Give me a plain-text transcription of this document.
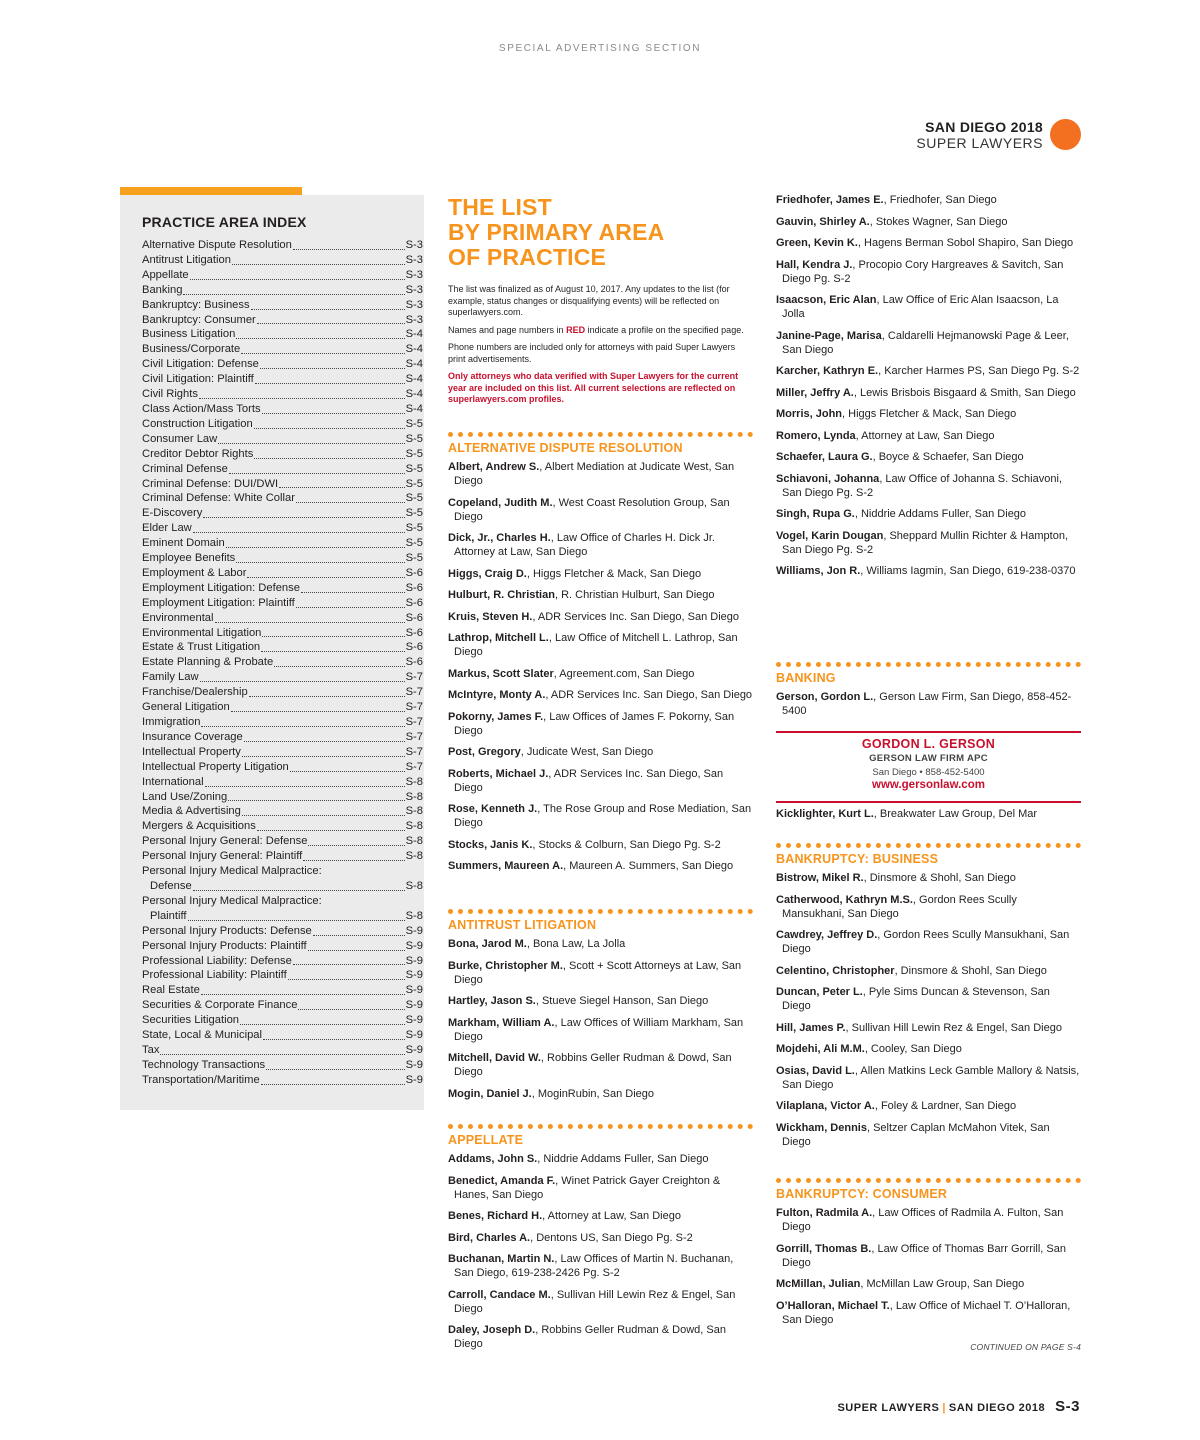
SPECIAL ADVERTISING SECTION
SAN DIEGO 2018
SUPER LAWYERS
PRACTICE AREA INDEX
Alternative Dispute Resolution	S-3
Antitrust Litigation	S-3
Appellate	S-3
Banking	S-3
Bankruptcy: Business	S-3
Bankruptcy: Consumer	S-3
Business Litigation	S-4
Business/Corporate	S-4
Civil Litigation: Defense	S-4
Civil Litigation: Plaintiff	S-4
Civil Rights	S-4
Class Action/Mass Torts	S-4
Construction Litigation	S-5
Consumer Law	S-5
Creditor Debtor Rights	S-5
Criminal Defense	S-5
Criminal Defense: DUI/DWI	S-5
Criminal Defense: White Collar	S-5
E-Discovery	S-5
Elder Law	S-5
Eminent Domain	S-5
Employee Benefits	S-5
Employment & Labor	S-6
Employment Litigation: Defense	S-6
Employment Litigation: Plaintiff	S-6
Environmental	S-6
Environmental Litigation	S-6
Estate & Trust Litigation	S-6
Estate Planning & Probate	S-6
Family Law	S-7
Franchise/Dealership	S-7
General Litigation	S-7
Immigration	S-7
Insurance Coverage	S-7
Intellectual Property	S-7
Intellectual Property Litigation	S-7
International	S-8
Land Use/Zoning	S-8
Media & Advertising	S-8
Mergers & Acquisitions	S-8
Personal Injury General: Defense	S-8
Personal Injury General: Plaintiff	S-8
Personal Injury Medical Malpractice:
Defense	S-8
Personal Injury Medical Malpractice:
Plaintiff	S-8
Personal Injury Products: Defense	S-9
Personal Injury Products: Plaintiff	S-9
Professional Liability: Defense	S-9
Professional Liability: Plaintiff	S-9
Real Estate	S-9
Securities & Corporate Finance	S-9
Securities Litigation	S-9
State, Local & Municipal	S-9
Tax	S-9
Technology Transactions	S-9
Transportation/Maritime	S-9
THE LIST
BY PRIMARY AREA
OF PRACTICE

The list was finalized as of August 10, 2017. Any updates to the list (for example, status changes or disqualifying events) will be reflected on superlawyers.com.

Names and page numbers in RED indicate a profile on the specified page.

Phone numbers are included only for attorneys with paid Super Lawyers print advertisements.

Only attorneys who data verified with Super Lawyers for the current year are included on this list. All current selections are reflected on superlawyers.com profiles.

ALTERNATIVE DISPUTE RESOLUTION
Albert, Andrew S., Albert Mediation at Judicate West, San Diego
Copeland, Judith M., West Coast Resolution Group, San Diego
Dick, Jr., Charles H., Law Office of Charles H. Dick Jr. Attorney at Law, San Diego
Higgs, Craig D., Higgs Fletcher & Mack, San Diego
Hulburt, R. Christian, R. Christian Hulburt, San Diego
Kruis, Steven H., ADR Services Inc. San Diego, San Diego
Lathrop, Mitchell L., Law Office of Mitchell L. Lathrop, San Diego
Markus, Scott Slater, Agreement.com, San Diego
McIntyre, Monty A., ADR Services Inc. San Diego, San Diego
Pokorny, James F., Law Offices of James F. Pokorny, San Diego
Post, Gregory, Judicate West, San Diego
Roberts, Michael J., ADR Services Inc. San Diego, San Diego
Rose, Kenneth J., The Rose Group and Rose Mediation, San Diego
Stocks, Janis K., Stocks & Colburn, San Diego Pg. S-2
Summers, Maureen A., Maureen A. Summers, San Diego
ANTITRUST LITIGATION
Bona, Jarod M., Bona Law, La Jolla
Burke, Christopher M., Scott + Scott Attorneys at Law, San Diego
Hartley, Jason S., Stueve Siegel Hanson, San Diego
Markham, William A., Law Offices of William Markham, San Diego
Mitchell, David W., Robbins Geller Rudman & Dowd, San Diego
Mogin, Daniel J., MoginRubin, San Diego
APPELLATE
Addams, John S., Niddrie Addams Fuller, San Diego
Benedict, Amanda F., Winet Patrick Gayer Creighton & Hanes, San Diego
Benes, Richard H., Attorney at Law, San Diego
Bird, Charles A., Dentons US, San Diego Pg. S-2
Buchanan, Martin N., Law Offices of Martin N. Buchanan, San Diego, 619-238-2426 Pg. S-2
Carroll, Candace M., Sullivan Hill Lewin Rez & Engel, San Diego
Daley, Joseph D., Robbins Geller Rudman & Dowd, San Diego
Friedhofer, James E., Friedhofer, San Diego
Gauvin, Shirley A., Stokes Wagner, San Diego
Green, Kevin K., Hagens Berman Sobol Shapiro, San Diego
Hall, Kendra J., Procopio Cory Hargreaves & Savitch, San Diego Pg. S-2
Isaacson, Eric Alan, Law Office of Eric Alan Isaacson, La Jolla
Janine-Page, Marisa, Caldarelli Hejmanowski Page & Leer, San Diego
Karcher, Kathryn E., Karcher Harmes PS, San Diego Pg. S-2
Miller, Jeffry A., Lewis Brisbois Bisgaard & Smith, San Diego
Morris, John, Higgs Fletcher & Mack, San Diego
Romero, Lynda, Attorney at Law, San Diego
Schaefer, Laura G., Boyce & Schaefer, San Diego
Schiavoni, Johanna, Law Office of Johanna S. Schiavoni, San Diego Pg. S-2
Singh, Rupa G., Niddrie Addams Fuller, San Diego
Vogel, Karin Dougan, Sheppard Mullin Richter & Hampton, San Diego Pg. S-2
Williams, Jon R., Williams Iagmin, San Diego, 619-238-0370
BANKING
Gerson, Gordon L., Gerson Law Firm, San Diego, 858-452-5400
GORDON L. GERSON
GERSON LAW FIRM APC
San Diego • 858-452-5400
www.gersonlaw.com
Kicklighter, Kurt L., Breakwater Law Group, Del Mar
BANKRUPTCY: BUSINESS
Bistrow, Mikel R., Dinsmore & Shohl, San Diego
Catherwood, Kathryn M.S., Gordon Rees Scully Mansukhani, San Diego
Cawdrey, Jeffrey D., Gordon Rees Scully Mansukhani, San Diego
Celentino, Christopher, Dinsmore & Shohl, San Diego
Duncan, Peter L., Pyle Sims Duncan & Stevenson, San Diego
Hill, James P., Sullivan Hill Lewin Rez & Engel, San Diego
Mojdehi, Ali M.M., Cooley, San Diego
Osias, David L., Allen Matkins Leck Gamble Mallory & Natsis, San Diego
Vilaplana, Victor A., Foley & Lardner, San Diego
Wickham, Dennis, Seltzer Caplan McMahon Vitek, San Diego
BANKRUPTCY: CONSUMER
Fulton, Radmila A., Law Offices of Radmila A. Fulton, San Diego
Gorrill, Thomas B., Law Office of Thomas Barr Gorrill, San Diego
McMillan, Julian, McMillan Law Group, San Diego
O’Halloran, Michael T., Law Office of Michael T. O’Halloran, San Diego
CONTINUED ON PAGE S-4
SUPER LAWYERS | SAN DIEGO 2018 S-3
